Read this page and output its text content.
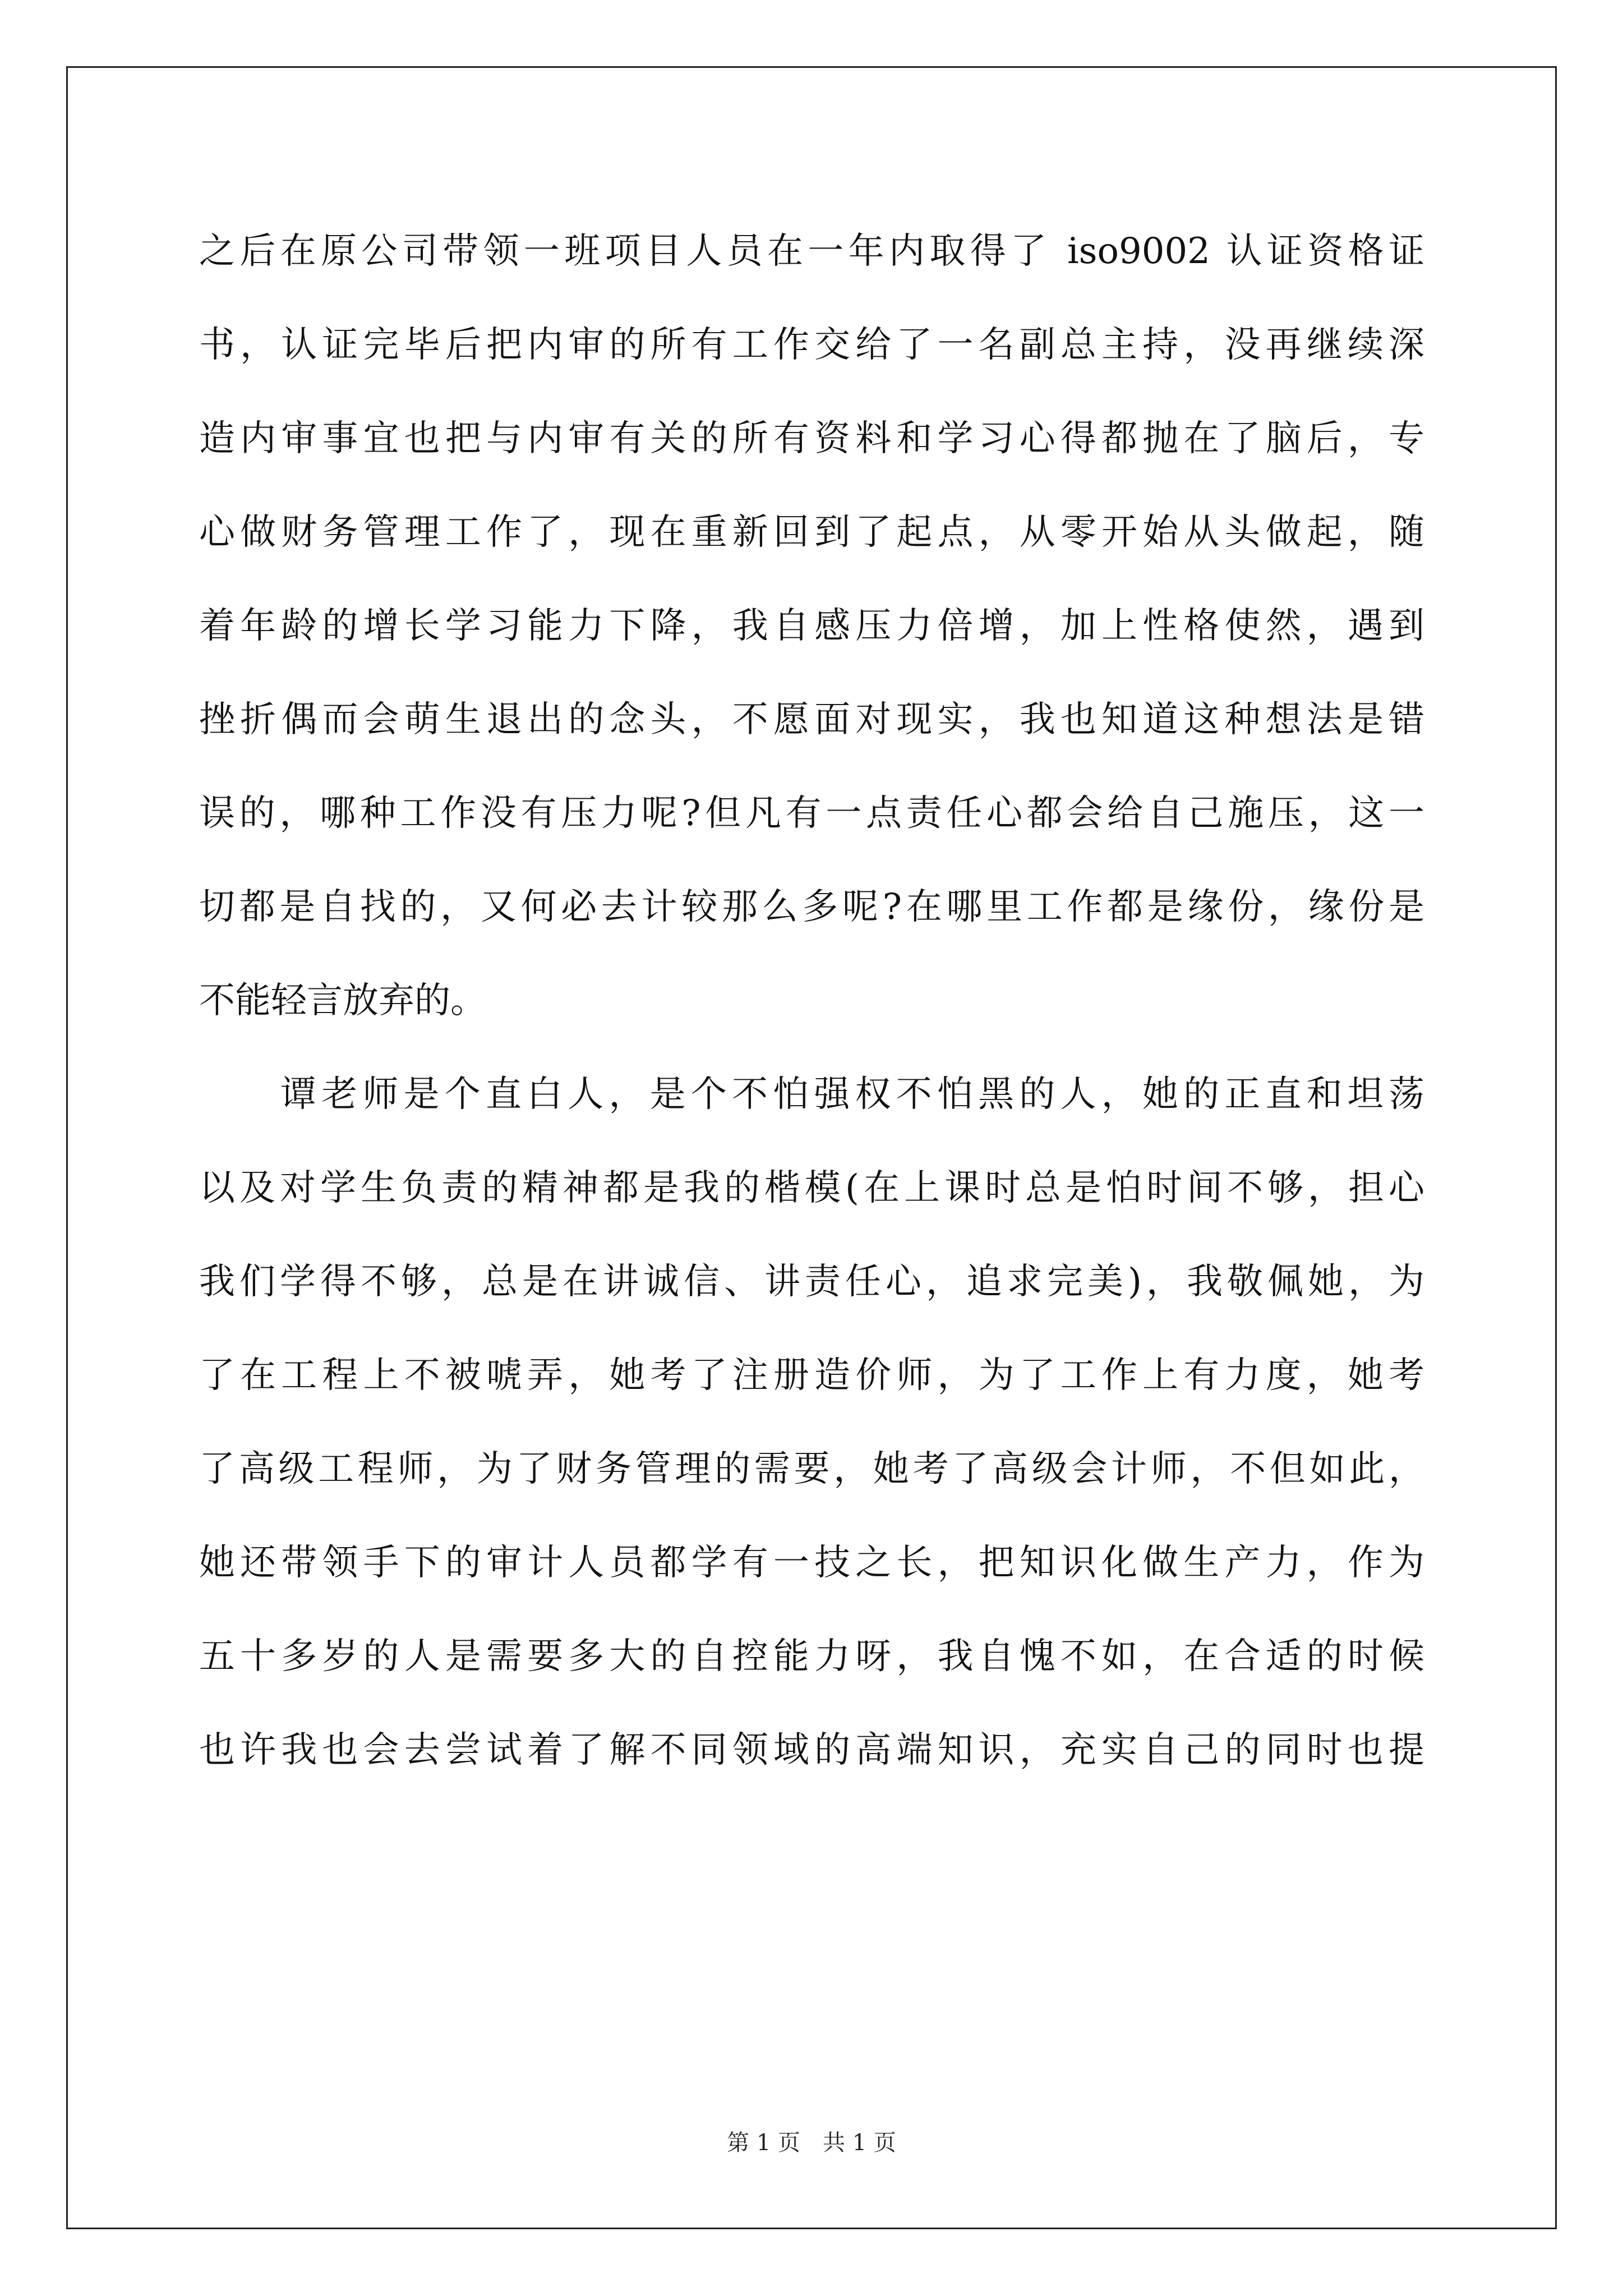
之后在原公司带领一班项目人员在一年内取得了 iso9002 认证资格证
书，认证完毕后把内审的所有工作交给了一名副总主持，没再继续深
造内审事宜也把与内审有关的所有资料和学习心得都抛在了脑后，专
心做财务管理工作了，现在重新回到了起点，从零开始从头做起，随
着年龄的增长学习能力下降，我自感压力倍增，加上性格使然，遇到
挫折偶而会萌生退出的念头，不愿面对现实，我也知道这种想法是错
误的，哪种工作没有压力呢?但凡有一点责任心都会给自己施压，这一
切都是自找的，又何必去计较那么多呢?在哪里工作都是缘份，缘份是
不能轻言放弃的。
谭老师是个直白人，是个不怕强权不怕黑的人，她的正直和坦荡
以及对学生负责的精神都是我的楷模(在上课时总是怕时间不够，担心
我们学得不够，总是在讲诚信、讲责任心，追求完美)，我敬佩她，为
了在工程上不被唬弄，她考了注册造价师，为了工作上有力度，她考
了高级工程师，为了财务管理的需要，她考了高级会计师，不但如此，
她还带领手下的审计人员都学有一技之长，把知识化做生产力，作为
五十多岁的人是需要多大的自控能力呀，我自愧不如，在合适的时候
也许我也会去尝试着了解不同领域的高端知识，充实自己的同时也提
第 1 页　共 1 页
